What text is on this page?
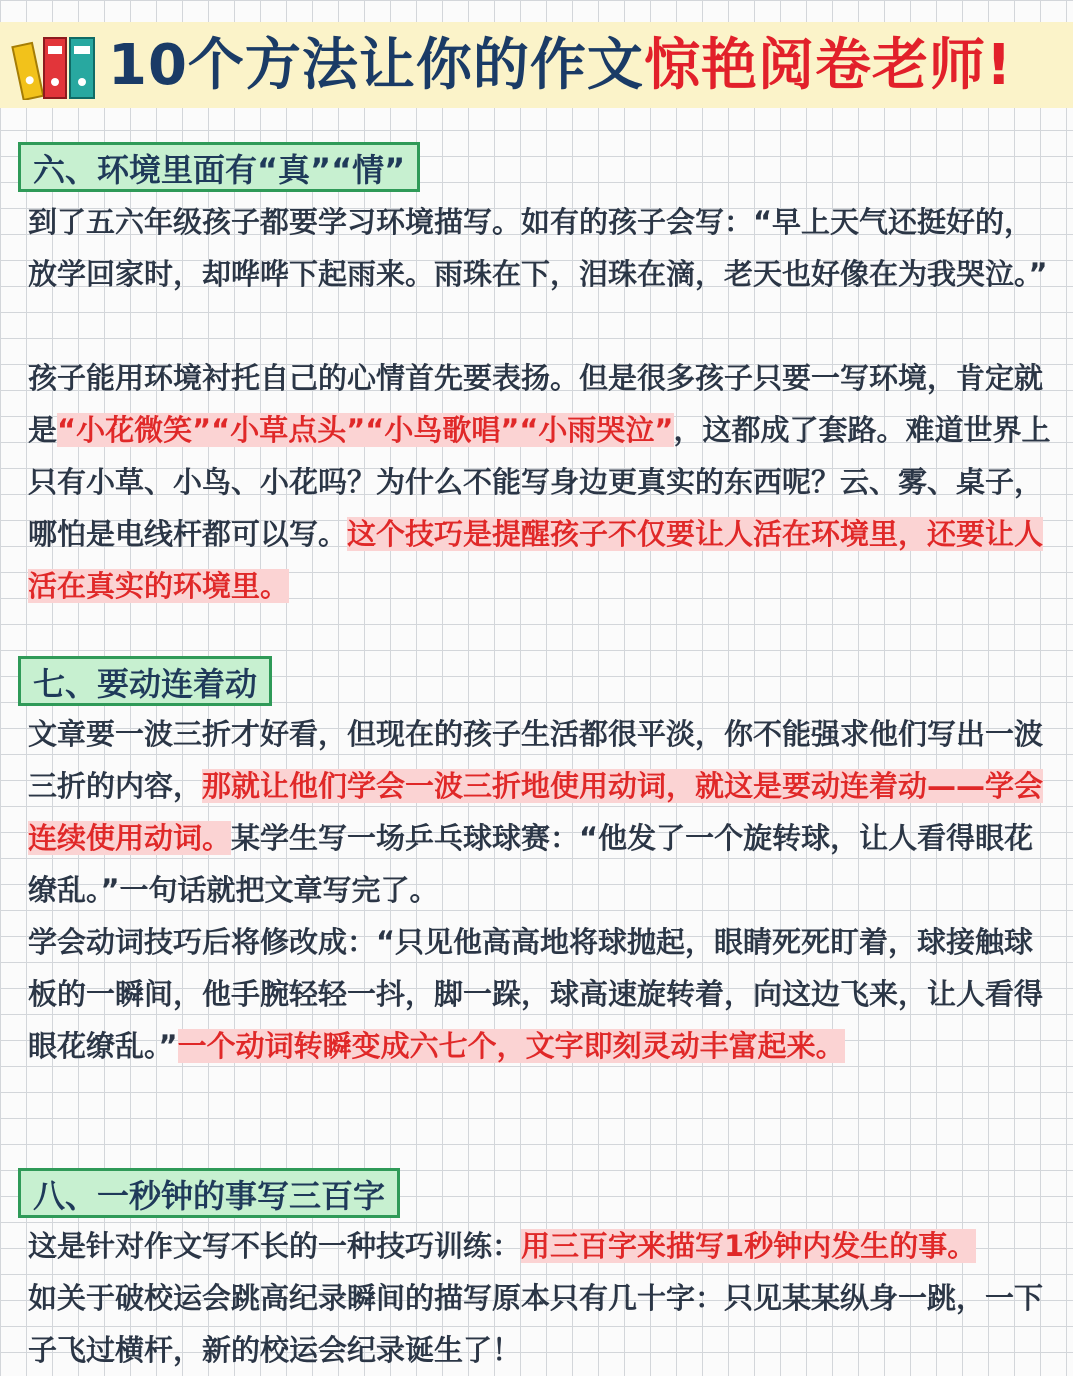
10个方法让你的作文惊艳阅卷老师!
六、环境里面有“真”“情”

到了五六年级孩子都要学习环境描写。如有的孩子会写：“早上天气还挺好的，放学回家时，却哗哗下起雨来。雨珠在下，泪珠在滴，老天也好像在为我哭泣。”

孩子能用环境衬托自己的心情首先要表扬。但是很多孩子只要一写环境，肯定就是“小花微笑”“小草点头”“小鸟歌唱”“小雨哭泣”，这都成了套路。难道世界上只有小草、小鸟、小花吗？为什么不能写身边更真实的东西呢？云、雾、桌子，哪怕是电线杆都可以写。这个技巧是提醒孩子不仅要让人活在环境里，还要让人活在真实的环境里。

七、要动连着动

文章要一波三折才好看，但现在的孩子生活都很平淡，你不能强求他们写出一波三折的内容，那就让他们学会一波三折地使用动词，就这是要动连着动——学会连续使用动词。某学生写一场乒乓球球赛：“他发了一个旋转球，让人看得眼花缭乱。”一句话就把文章写完了。

学会动词技巧后将修改成：“只见他高高地将球抛起，眼睛死死盯着，球接触球板的一瞬间，他手腕轻轻一抖，脚一跺，球高速旋转着，向这边飞来，让人看得眼花缭乱。”一个动词转瞬变成六七个，文字即刻灵动丰富起来。

八、一秒钟的事写三百字

这是针对作文写不长的一种技巧训练：用三百字来描写1秒钟内发生的事。

如关于破校运会跳高纪录瞬间的描写原本只有几十字：只见某某纵身一跳，一下子飞过横杆，新的校运会纪录诞生了！
